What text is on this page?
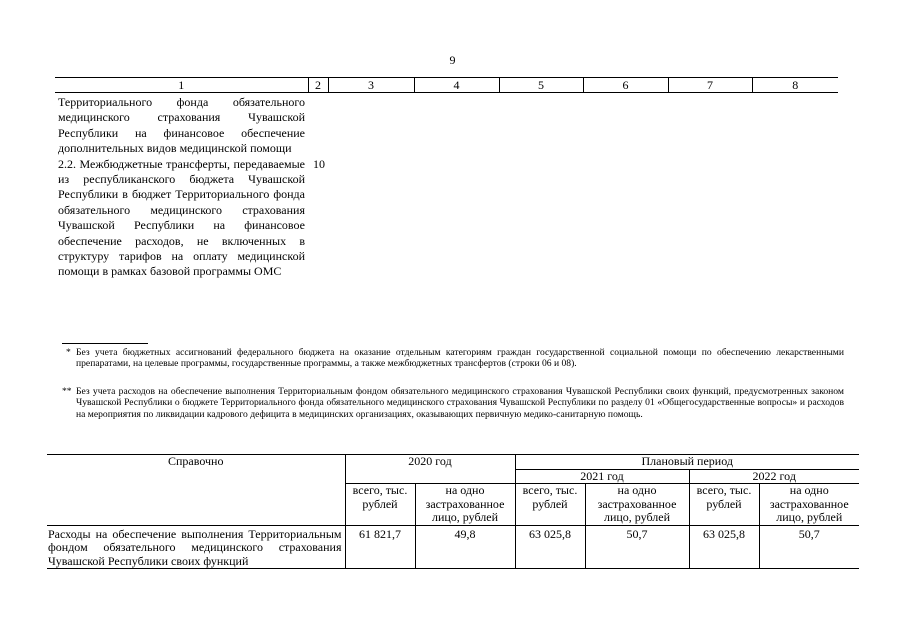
9
1	2	3	4	5	6	7	8
Территориального фонда обязательного медицинского страхования Чувашской Республики на финансовое обеспечение дополнительных видов медицинской помощи							
2.2. Межбюджетные трансферты, передаваемые из республиканского бюджета Чувашской Республики в бюджет Территориального фонда обязательного медицинского страхования Чувашской Республики на финансовое обеспечение расходов, не включенных в структуру тарифов на оплату медицинской помощи в рамках базовой программы ОМС	10						
* Без учета бюджетных ассигнований федерального бюджета на оказание отдельным категориям граждан государственной социальной помощи по обеспечению лекарственными препаратами, на целевые программы, государственные программы, а также межбюджетных трансфертов (строки 06 и 08).
** Без учета расходов на обеспечение выполнения Территориальным фондом обязательного медицинского страхования Чувашской Республики своих функций, предусмотренных законом Чувашской Республики о бюджете Территориального фонда обязательного медицинского страхования Чувашской Республики по разделу 01 «Общегосударственные вопросы» и расходов на мероприятия по ликвидации кадрового дефицита в медицинских организациях, оказывающих первичную медико-санитарную помощь.
Справочно	2020 год		Плановый период			
			2021 год		2022 год	
	всего, тыс. рублей	на одно застрахованное лицо, рублей	всего, тыс. рублей	на одно застрахованное лицо, рублей	всего, тыс. рублей	на одно застрахованное лицо, рублей
Расходы на обеспечение выполнения Территориальным фондом обязательного медицинского страхования Чувашской Республики своих функций	61 821,7	49,8	63 025,8	50,7	63 025,8	50,7
